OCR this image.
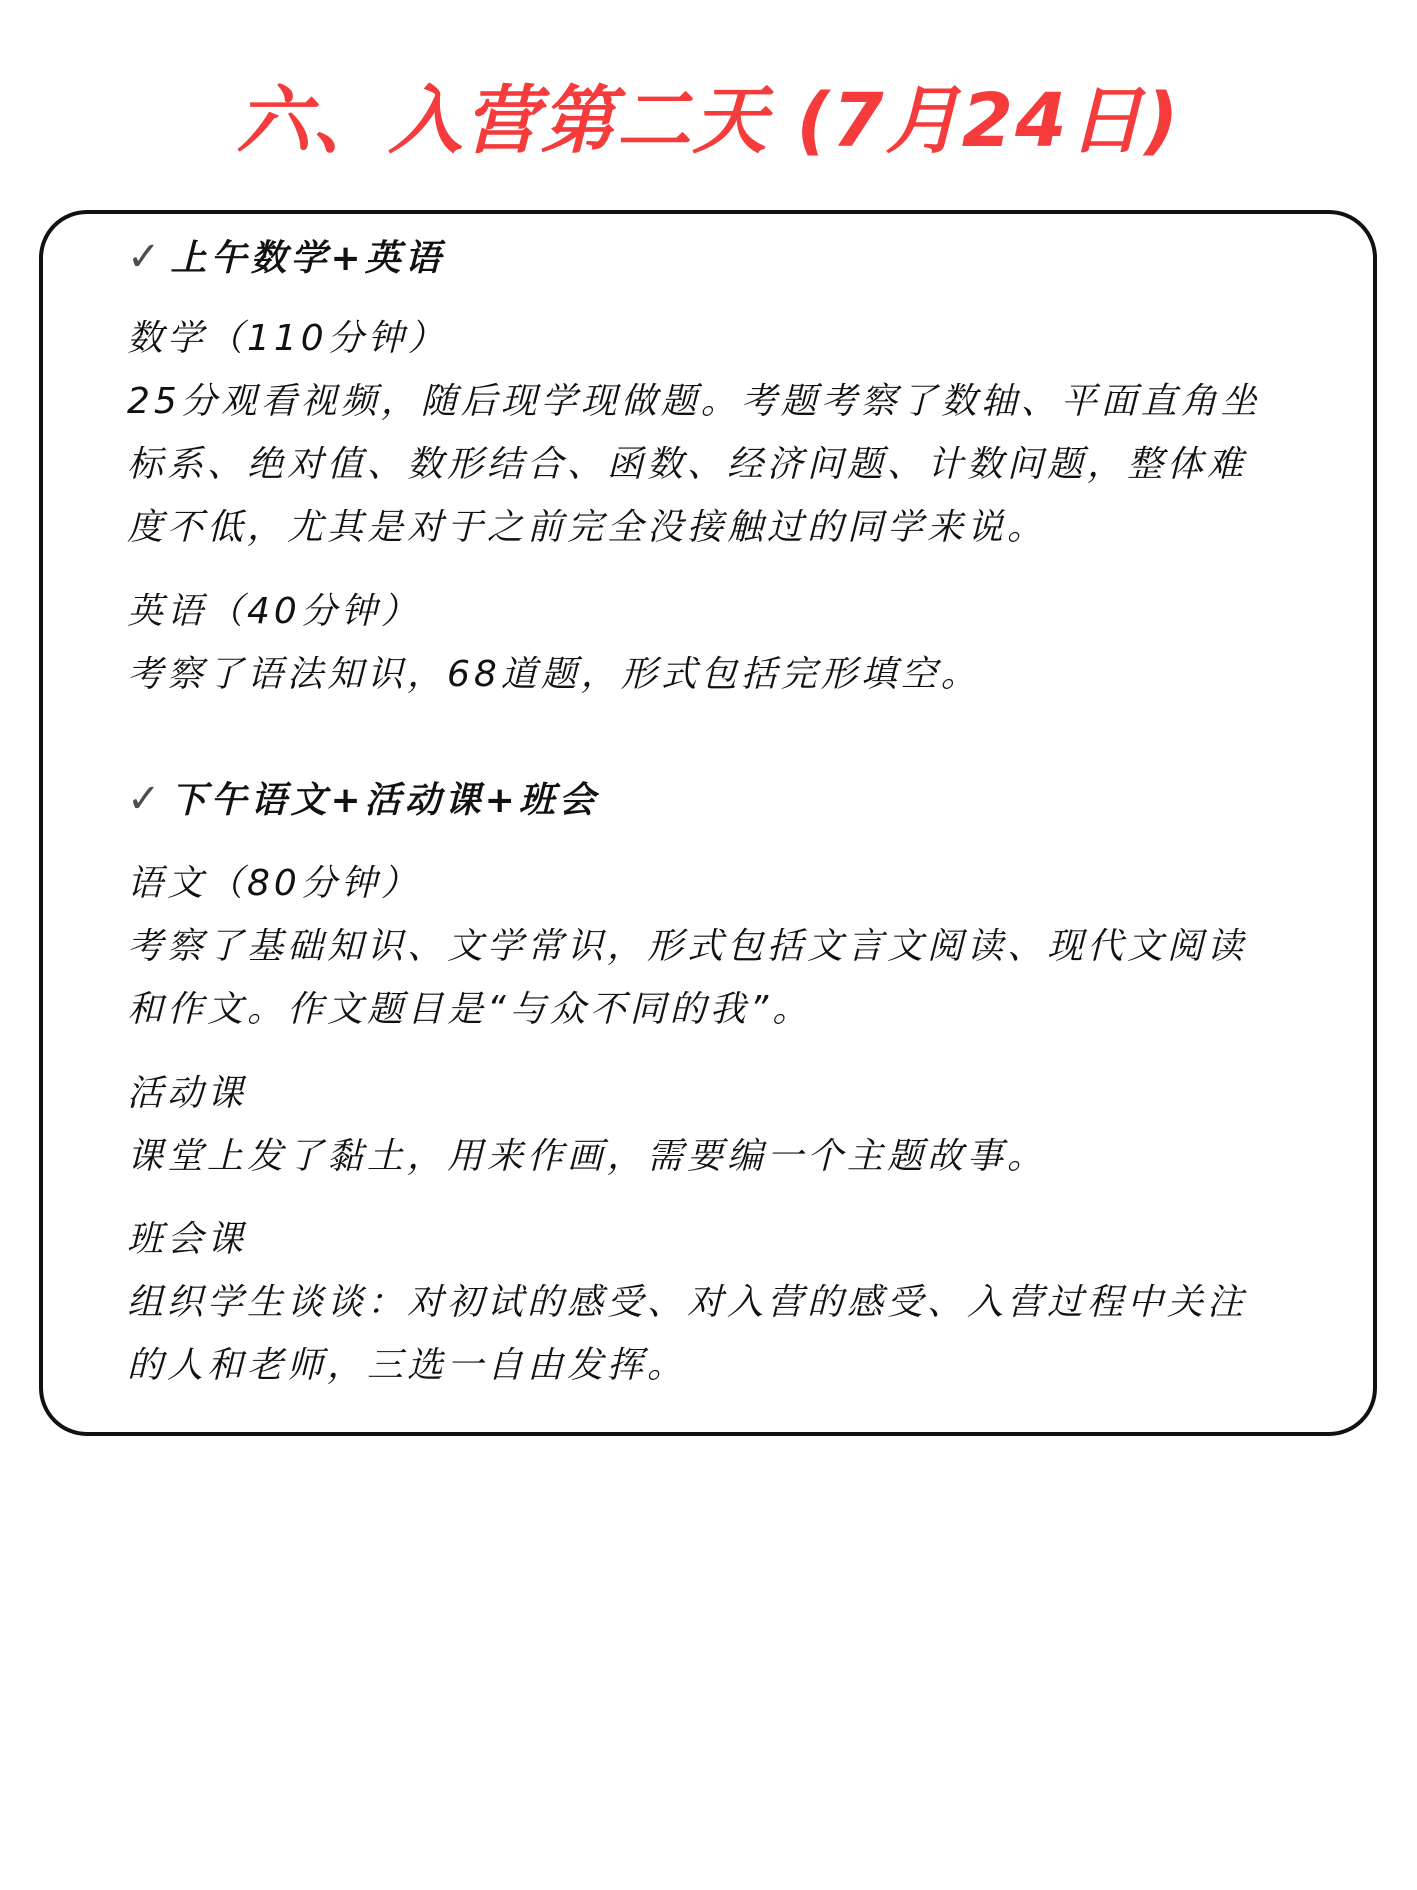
六、入营第二天 (7月24日)
✓ 上午数学+英语
数学（110分钟）
25分观看视频，随后现学现做题。考题考察了数轴、平面直角坐
标系、绝对值、数形结合、函数、经济问题、计数问题，整体难
度不低，尤其是对于之前完全没接触过的同学来说。
英语（40分钟）
考察了语法知识，68道题，形式包括完形填空。
✓ 下午语文+活动课+班会
语文（80分钟）
考察了基础知识、文学常识，形式包括文言文阅读、现代文阅读
和作文。作文题目是“与众不同的我”。
活动课
课堂上发了黏土，用来作画，需要编一个主题故事。
班会课
组织学生谈谈：对初试的感受、对入营的感受、入营过程中关注
的人和老师，三选一自由发挥。
